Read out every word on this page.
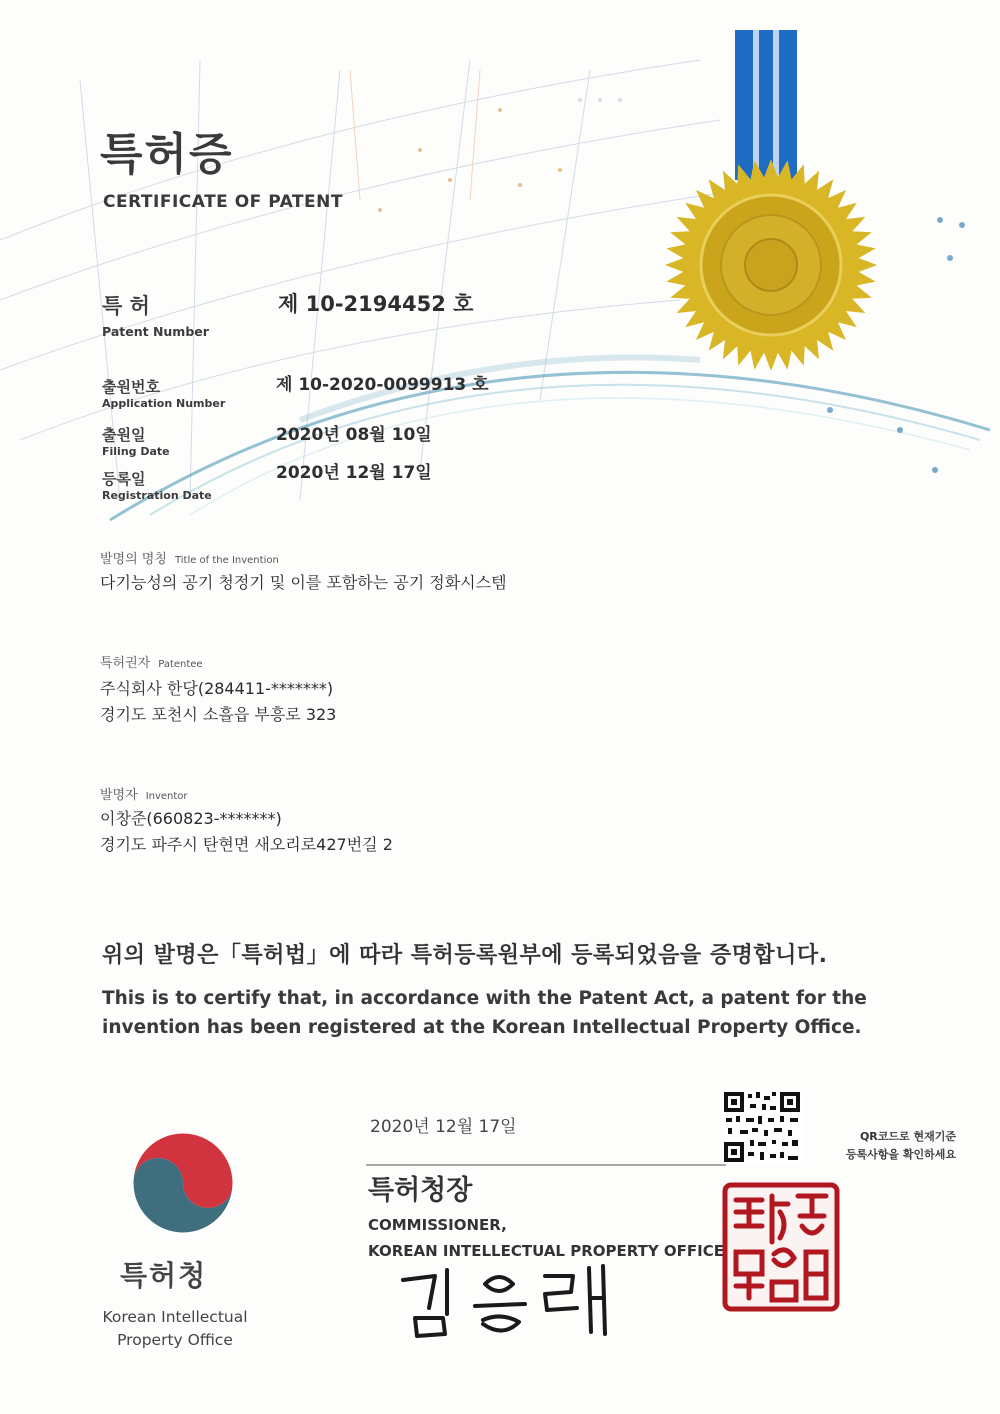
특허증
CERTIFICATE OF PATENT
특 허
Patent Number
제 10-2194452 호
출원번호
Application Number
제 10-2020-0099913 호
출원일
Filing Date
2020년 08월 10일
등록일
Registration Date
2020년 12월 17일
발명의 명칭 Title of the Invention
다기능성의 공기 청정기 및 이를 포함하는 공기 정화시스템
특허권자 Patentee
주식회사 한당(284411-*******)
경기도 포천시 소흘읍 부흥로 323
발명자 Inventor
이창준(660823-*******)
경기도 파주시 탄현면 새오리로427번길 2
위의 발명은「특허법」에 따라 특허등록원부에 등록되었음을 증명합니다.
This is to certify that, in accordance with the Patent Act, a patent for the invention has been registered at the Korean Intellectual Property Office.
특허청
Korean Intellectual
Property Office
2020년 12월 17일
특허청장
COMMISSIONER,
KOREAN INTELLECTUAL PROPERTY OFFICE
QR코드로 현재기준
등록사항을 확인하세요
